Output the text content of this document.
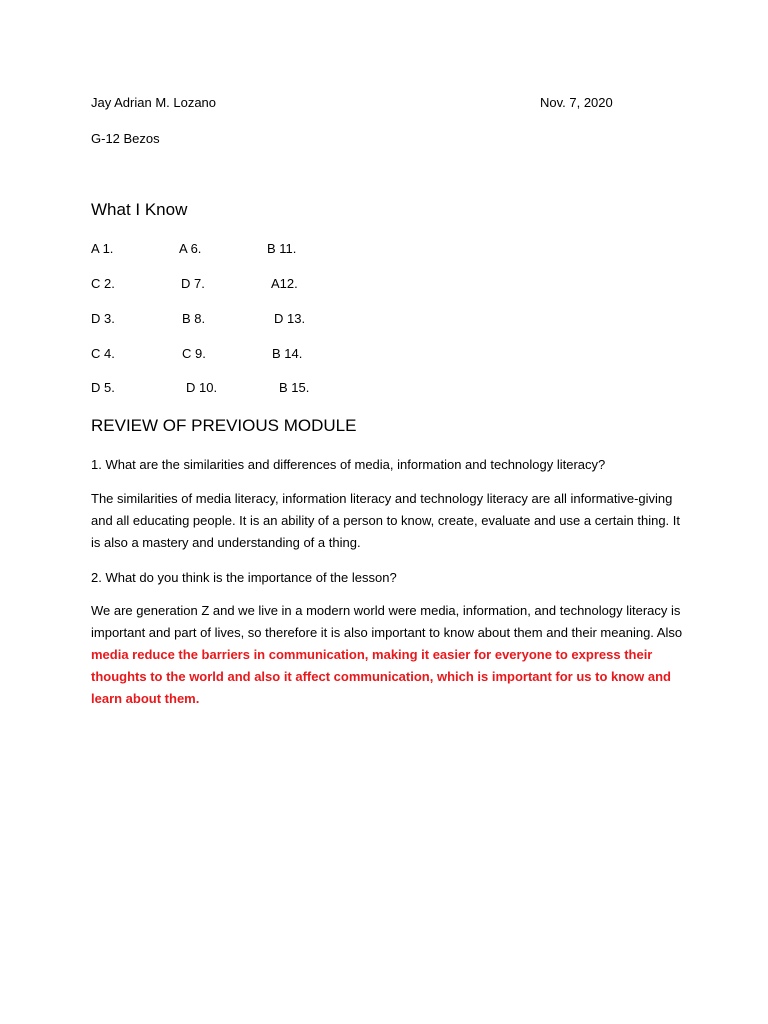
Jay Adrian M. Lozano	Nov. 7, 2020
G-12 Bezos
What I Know
A 1.	A 6.	B 11.
C 2.	D 7.	A12.
D 3.	B 8.	D 13.
C 4.	C 9.	B 14.
D 5.	D 10.	B 15.
REVIEW OF PREVIOUS MODULE
1. What are the similarities and differences of media, information and technology literacy?
The similarities of media literacy, information literacy and technology literacy are all informative-giving and all educating people. It is an ability of a person to know, create, evaluate and use a certain thing. It is also a mastery and understanding of a thing.
2. What do you think is the importance of the lesson?
We are generation Z and we live in a modern world were media, information, and technology literacy is important and part of lives, so therefore it is also important to know about them and their meaning. Also media reduce the barriers in communication, making it easier for everyone to express their thoughts to the world and also it affect communication, which is important for us to know and learn about them.
